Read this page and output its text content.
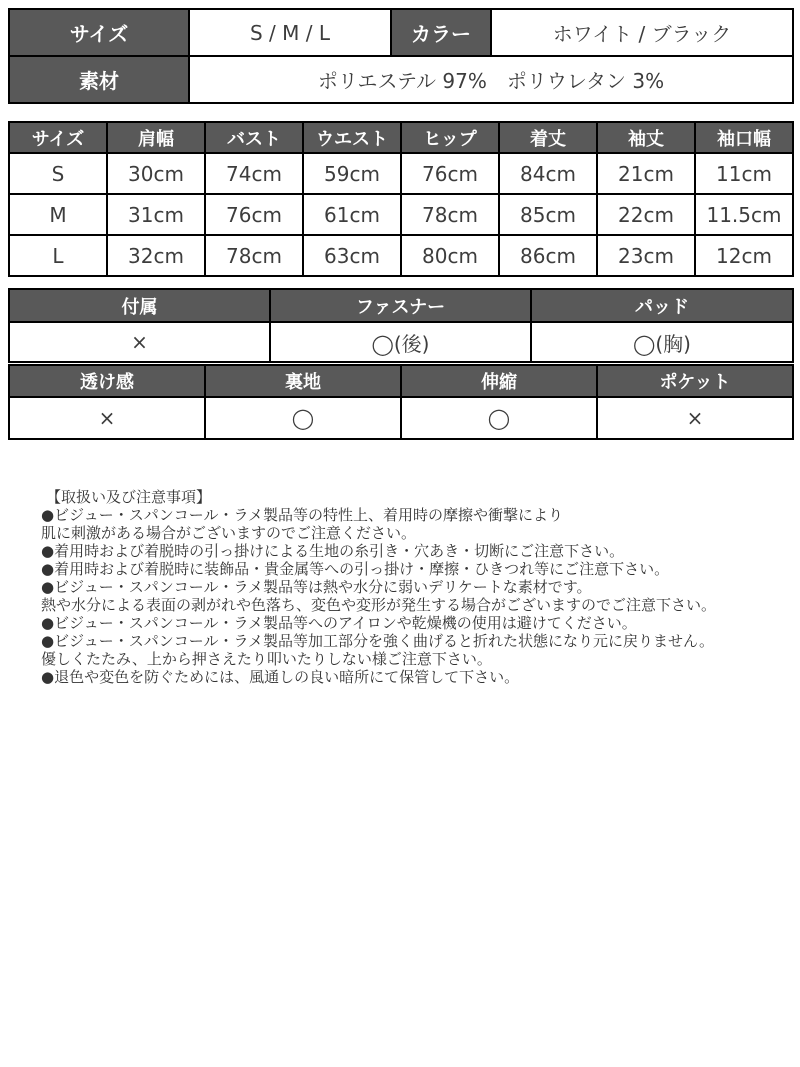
サイズ	S / M / L	カラー	ホワイト / ブラック
素材	ポリエステル 97%　ポリウレタン 3%		
サイズ	肩幅	バスト	ウエスト	ヒップ	着丈	袖丈	袖口幅
S	30cm	74cm	59cm	76cm	84cm	21cm	11cm
M	31cm	76cm	61cm	78cm	85cm	22cm	11.5cm
L	32cm	78cm	63cm	80cm	86cm	23cm	12cm
付属	ファスナー	パッド
×	◯(後)	◯(胸)
透け感	裏地	伸縮	ポケット
×	◯	◯	×
【取扱い及び注意事項】
●ビジュー・スパンコール・ラメ製品等の特性上、着用時の摩擦や衝撃により
肌に刺激がある場合がございますのでご注意ください。
●着用時および着脱時の引っ掛けによる生地の糸引き・穴あき・切断にご注意下さい。
●着用時および着脱時に装飾品・貴金属等への引っ掛け・摩擦・ひきつれ等にご注意下さい。
●ビジュー・スパンコール・ラメ製品等は熱や水分に弱いデリケートな素材です。
熱や水分による表面の剥がれや色落ち、変色や変形が発生する場合がございますのでご注意下さい。
●ビジュー・スパンコール・ラメ製品等へのアイロンや乾燥機の使用は避けてください。
●ビジュー・スパンコール・ラメ製品等加工部分を強く曲げると折れた状態になり元に戻りません。
優しくたたみ、上から押さえたり叩いたりしない様ご注意下さい。
●退色や変色を防ぐためには、風通しの良い暗所にて保管して下さい。
